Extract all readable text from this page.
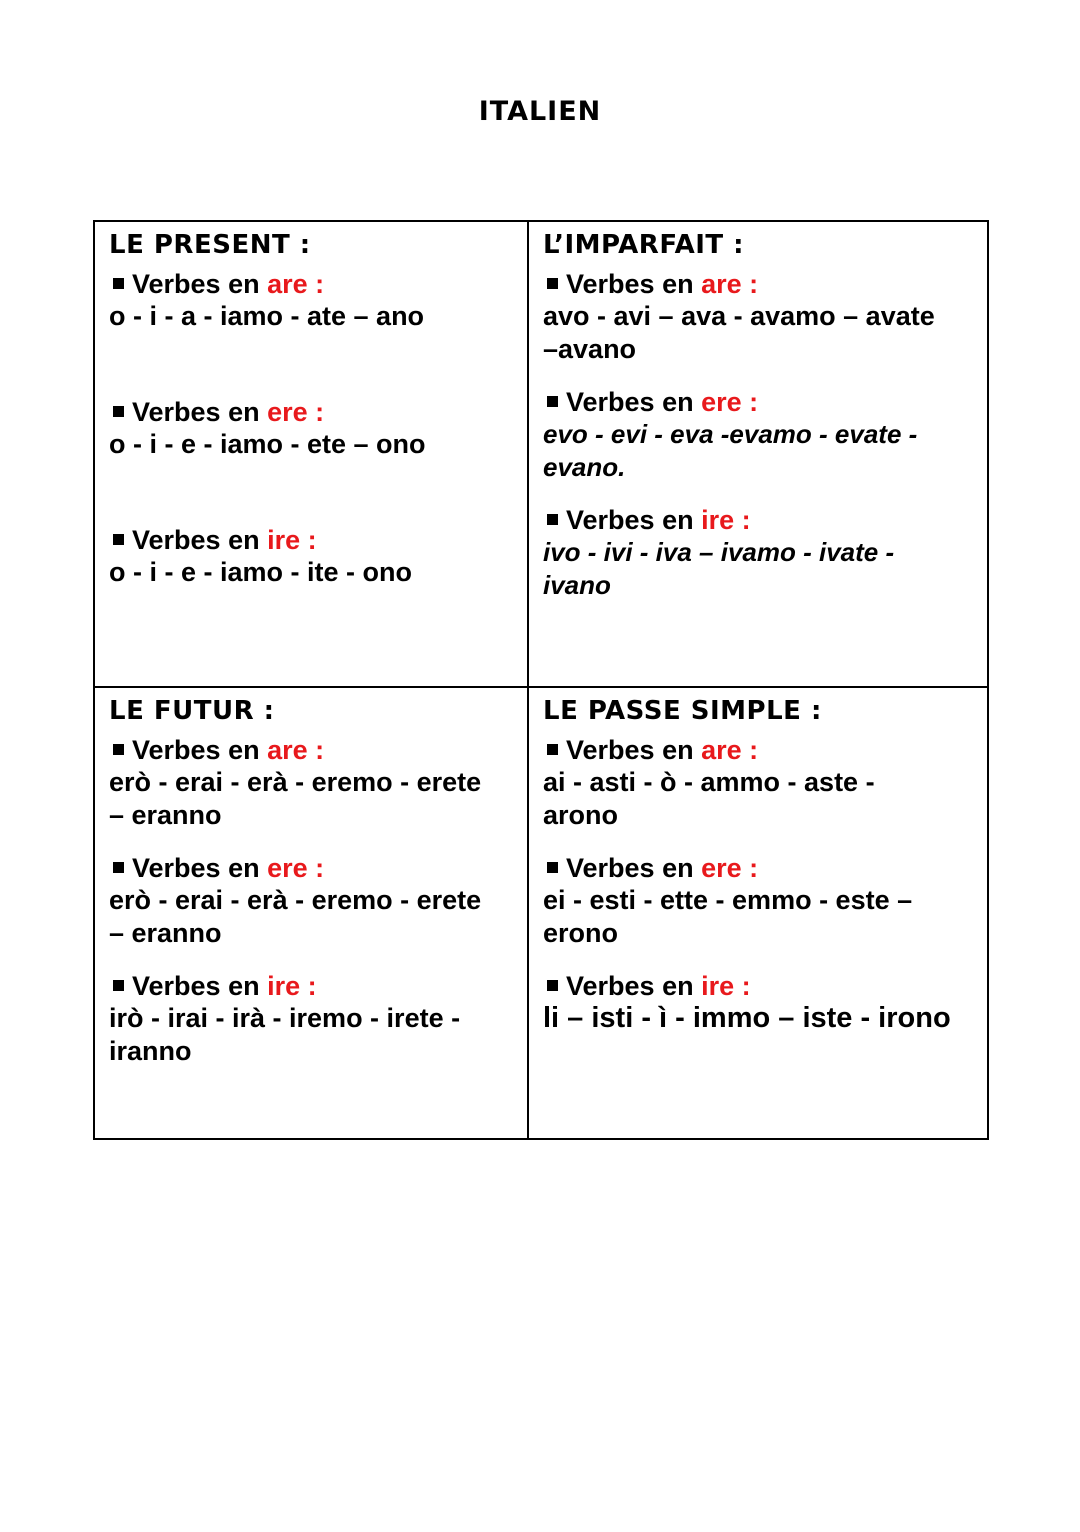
ITALIEN
LE PRESENT :
Verbes en are :
o - i - a - iamo - ate – ano
Verbes en ere :
o - i - e - iamo - ete – ono
Verbes en ire :
o - i - e - iamo - ite - ono
L’IMPARFAIT :
Verbes en are :
avo - avi – ava - avamo – avate
–avano
Verbes en ere :
evo - evi - eva -evamo - evate -
evano.
Verbes en ire :
ivo - ivi - iva – ivamo - ivate -
ivano
LE FUTUR :
Verbes en are :
erò - erai - erà - eremo - erete
– eranno
Verbes en ere :
erò - erai - erà - eremo - erete
– eranno
Verbes en ire :
irò - irai - irà - iremo - irete -
iranno
LE PASSE SIMPLE :
Verbes en are :
ai - asti - ò - ammo - aste -
arono
Verbes en ere :
ei - esti - ette - emmo - este –
erono
Verbes en ire :
li – isti - ì - immo – iste - irono
